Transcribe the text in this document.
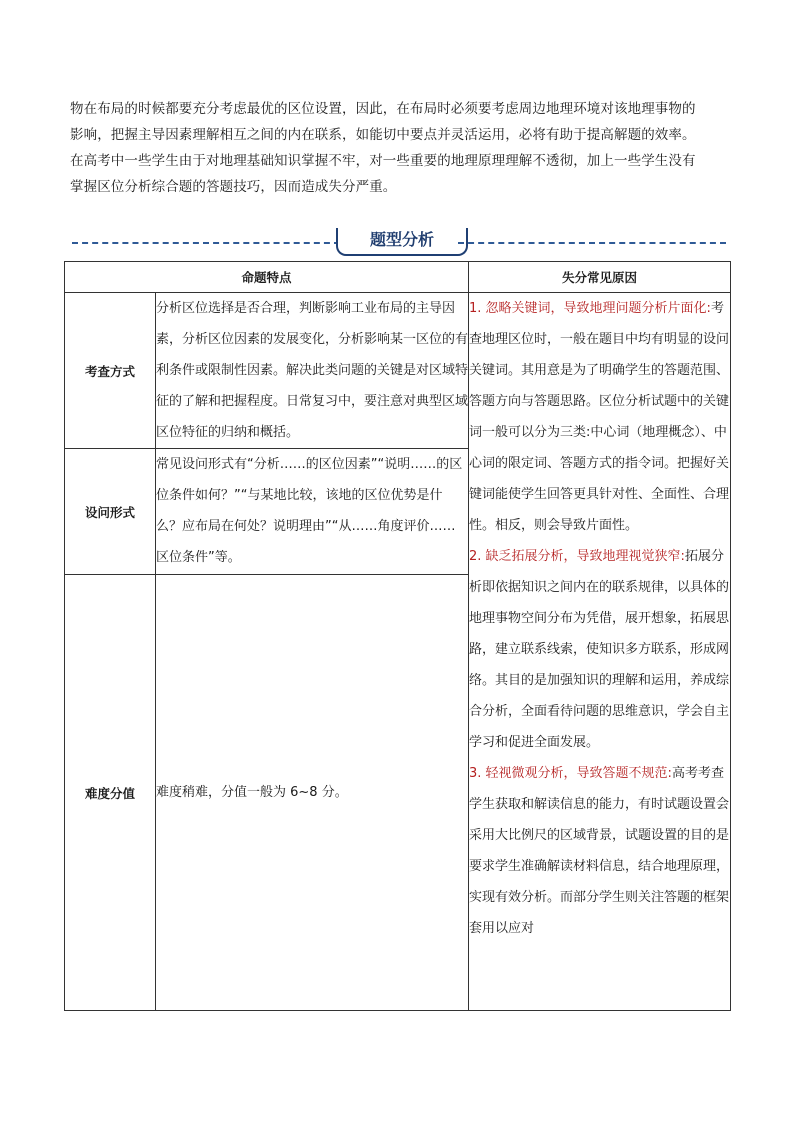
物在布局的时候都要充分考虑最优的区位设置，因此，在布局时必须要考虑周边地理环境对该地理事物的

影响，把握主导因素理解相互之间的内在联系，如能切中要点并灵活运用，必将有助于提高解题的效率。

在高考中一些学生由于对地理基础知识掌握不牢，对一些重要的地理原理理解不透彻，加上一些学生没有

掌握区位分析综合题的答题技巧，因而造成失分严重。

题型分析
命题特点		失分常见原因
考查方式	分析区位选择是否合理，判断影响工业布局的主导因素，分析区位因素的发展变化，分析影响某一区位的有利条件或限制性因素。解决此类问题的关键是对区域特征的了解和把握程度。日常复习中，要注意对典型区域区位特征的归纳和概括。	1. 忽略关键词，导致地理问题分析片面化:考查地理区位时，一般在题目中均有明显的设问关键词。其用意是为了明确学生的答题范围、答题方向与答题思路。区位分析试题中的关键词一般可以分为三类:中心词（地理概念）、中心词的限定词、答题方式的指令词。把握好关键词能使学生回答更具针对性、全面性、合理性。相反，则会导致片面性。
2. 缺乏拓展分析，导致地理视觉狭窄:拓展分析即依据知识之间内在的联系规律，以具体的地理事物空间分布为凭借，展开想象，拓展思路，建立联系线索，使知识多方联系，形成网络。其目的是加强知识的理解和运用，养成综合分析，全面看待问题的思维意识，学会自主学习和促进全面发展。
3. 轻视微观分析，导致答题不规范:高考考查学生获取和解读信息的能力，有时试题设置会采用大比例尺的区域背景，试题设置的目的是要求学生准确解读材料信息，结合地理原理，实现有效分析。而部分学生则关注答题的框架套用以应对

设问形式	常见设问形式有“分析……的区位因素”“说明……的区位条件如何？”“与某地比较，该地的区位优势是什么？应布局在何处？说明理由”“从……角度评价……区位条件”等。	
难度分值	难度稍难，分值一般为 6~8 分。	
